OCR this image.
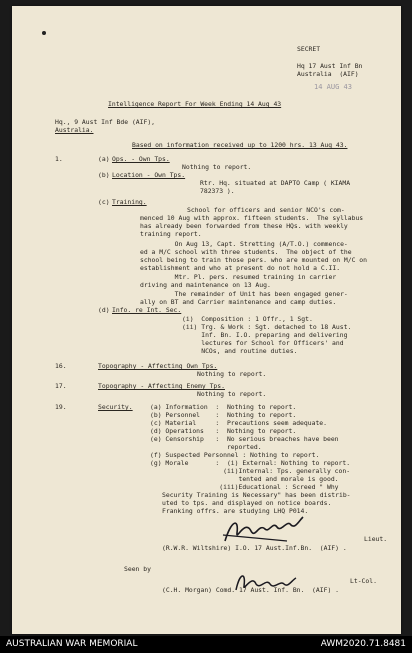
SECRET
Hq 17 Aust Inf Bn
Australia  (AIF)
14 AUG 43
Intelligence Report For Week Ending 14 Aug 43
Hq., 9 Aust Inf Bde (AIF),
Australia.
Based on information received up to 1200 hrs. 13 Aug 43.
1.	(a) Ops. - Own Tps.
Nothing to report.
(b) Location - Own Tps.
Rtr. Hq. situated at DAPTO Camp ( KIAMA
782373 ).
(c) Training.
School for officers and senior NCO's com-
menced 10 Aug with approx. fifteen students.  The syllabus
has already been forwarded from these HQs. with weekly
training report.
On Aug 13, Capt. Stretting (A/T.O.) commence-
ed a M/C school with three students.  The object of the
school being to train those pers. who are mounted on M/C on
establishment and who at present do not hold a C.II.
Mtr. Pl. pers. resumed training in carrier
driving and maintenance on 13 Aug.
The remainder of Unit has been engaged gener-
ally on BT and Carrier maintenance and camp duties.
(d) Info. re Int. Sec.
(i)  Composition : 1 Offr., 1 Sgt.
(ii) Trg. & Work : Sgt. detached to 18 Aust.
Inf. Bn. I.O. preparing and delivering
lectures for School for Officers' and
NCOs, and routine duties.
16.	Topography - Affecting Own Tps.
Nothing to report.
17.	Topography - Affecting Enemy Tps.
Nothing to report.
19.	Security.	(a) Information  :  Nothing to report.
(b) Personnel    :  Nothing to report.
(c) Material     :  Precautions seem adequate.
(d) Operations   :  Nothing to report.
(e) Censorship   :  No serious breaches have been
reported.
(f) Suspected Personnel : Nothing to report.
(g) Morale       :  (i) External: Nothing to report.
(ii)Internal: Tps. generally con-
tented and morale is good.
(iii)Educational : Screed " Why
Security Training is Necessary" has been distrib-
uted to tps. and displayed on notice boards.
Franking offrs. are studying LHQ P014.
Lieut.
(R.W.R. Wiltshire) I.O. 17 Aust.Inf.Bn.  (AIF) .
Seen by
Lt-Col.
(C.H. Morgan) Comd. 17 Aust. Inf. Bn.  (AIF) .
AUSTRALIAN WAR MEMORIAL	AWM2020.71.8481
